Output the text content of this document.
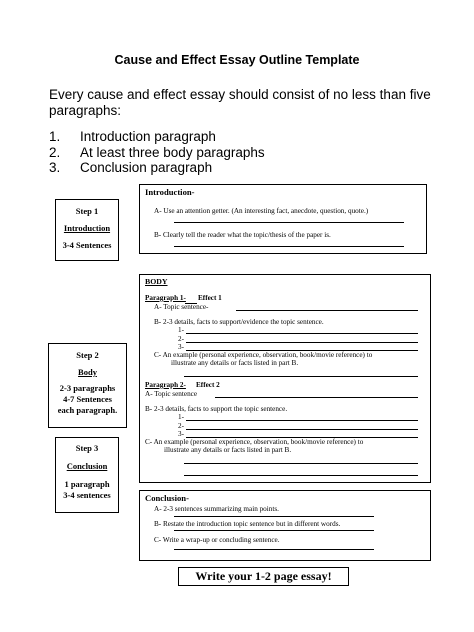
Cause and Effect Essay Outline Template
Every cause and effect essay should consist of no less than five paragraphs:
1.	Introduction paragraph
2.	At least three body paragraphs
3.	Conclusion paragraph
Step 1
Introduction
3-4 Sentences
Step 2
Body
2-3 paragraphs
4-7 Sentences
each paragraph.
Step 3
Conclusion
1 paragraph
3-4 sentences
Introduction-
A- Use an attention getter. (An interesting fact, anecdote, question, quote.)
B- Clearly tell the reader what the topic/thesis of the paper is.
BODY
Paragraph 1- Effect 1
A- Topic sentence-
B- 2-3 details, facts to support/evidence the topic sentence.
1-
2-
3-
C- An example (personal experience, observation, book/movie reference) to
illustrate any details or facts listed in part B.
Paragraph 2- Effect 2
A- Topic sentence
B- 2-3 details, facts to support the topic sentence.
1-
2-
3-
C- An example (personal experience, observation, book/movie reference) to
illustrate any details or facts listed in part B.
Conclusion-
A- 2-3 sentences summarizing main points.
B- Restate the introduction topic sentence but in different words.
C- Write a wrap-up or concluding sentence.
Write your 1-2 page essay!
